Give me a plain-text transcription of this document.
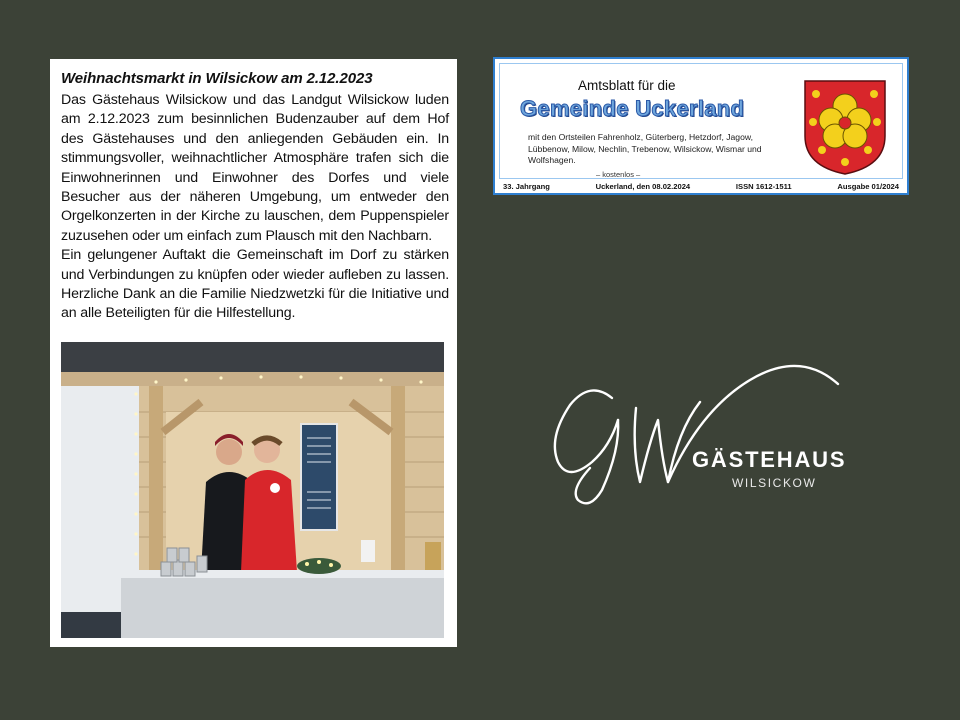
Weihnachtsmarkt in Wilsickow am 2.12.2023

Das Gästehaus Wilsickow und das Landgut Wilsickow luden am 2.12.2023 zum besinnlichen Budenzauber auf dem Hof des Gästehauses und den anliegenden Gebäuden ein. In stimmungsvoller, weihnachtlicher Atmosphäre trafen sich die Einwohnerinnen und Einwohner des Dorfes und viele Besucher aus der näheren Umgebung, um entweder den Orgelkonzerten in der Kirche zu lauschen, dem Puppenspieler zuzusehen oder um einfach zum Plausch mit den Nachbarn.

Ein gelungener Auftakt die Gemeinschaft im Dorf zu stärken und Verbindungen zu knüpfen oder wieder aufleben zu lassen. Herzliche Dank an die Familie Niedzwetzki für die Initiative und an alle Beteiligten für die Hilfestellung.

Amtsblatt für die
Gemeinde Uckerland
mit den Ortsteilen Fahrenholz, Güterberg, Hetzdorf, Jagow, Lübbenow, Milow, Nechlin, Trebenow, Wilsickow, Wismar und Wolfshagen.
– kostenlos –
33. Jahrgang	Uckerland, den 08.02.2024	ISSN 1612-1511	Ausgabe 01/2024
GÄSTEHAUS
WILSICKOW
